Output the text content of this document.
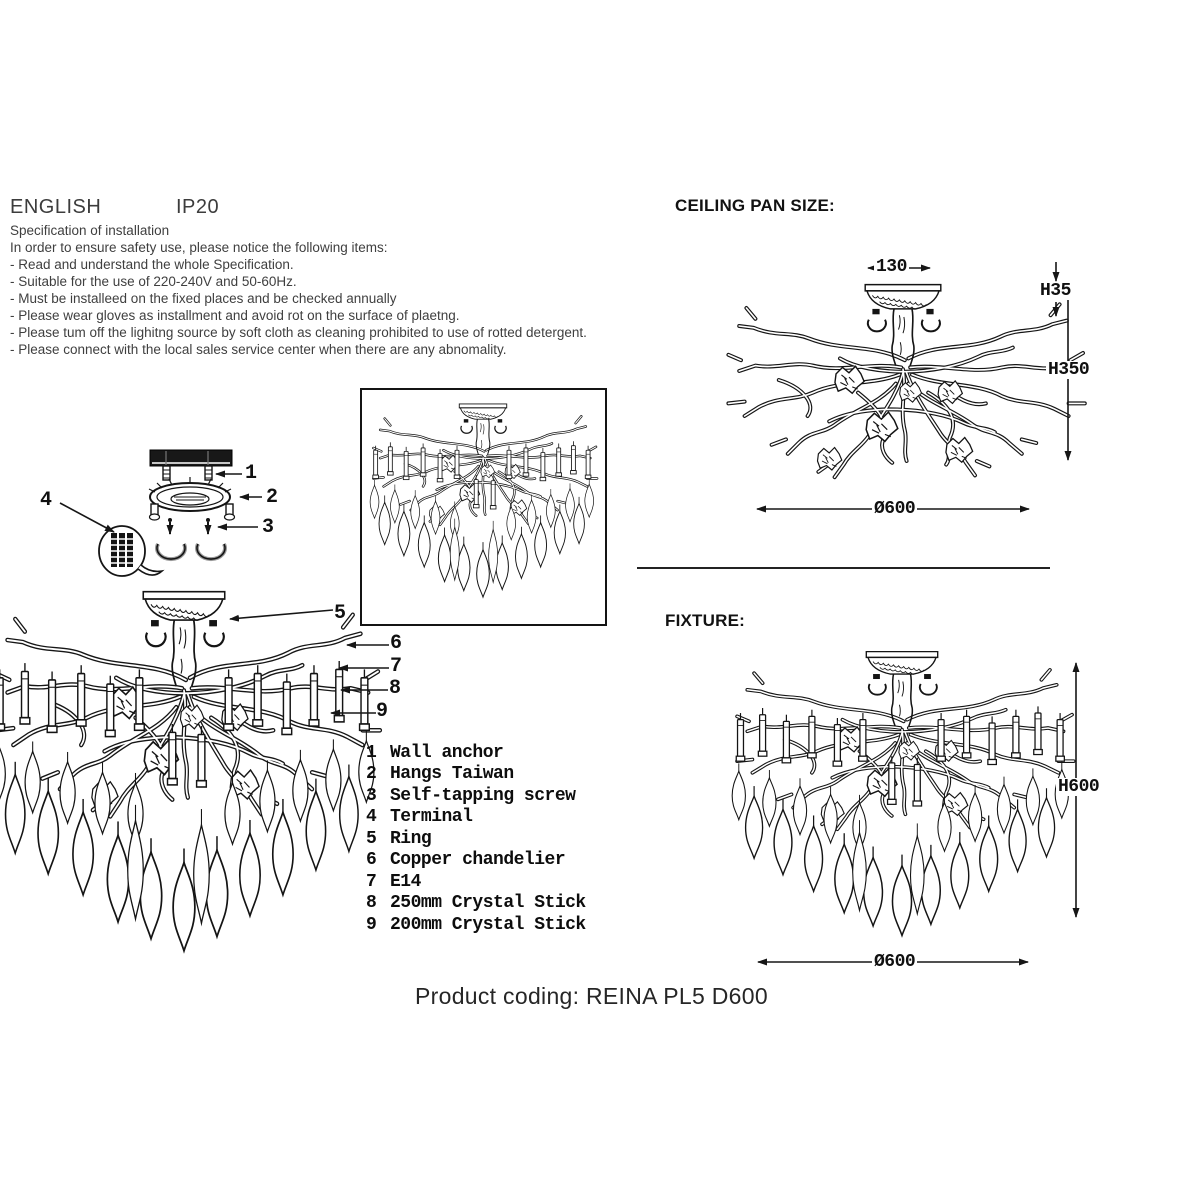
ENGLISH	IP20
Specification of installation
In order to ensure safety use, please notice the following items:
- Read and understand the whole Specification.
- Suitable for the use of 220-240V and 50-60Hz.
- Must be installeed on the fixed places and be checked annually
- Please wear gloves as installment and avoid rot on the surface of plaetng.
- Please tum off the lighitng source by soft cloth as cleaning prohibited to use of rotted detergent.
- Please connect with the local sales service center when there are any abnomality.
1
2
3
4
5
6
7
8
9
1 Wall anchor
2 Hangs Taiwan
3 Self-tapping screw
4 Terminal
5 Ring
6 Copper chandelier
7 E14
8 250mm Crystal Stick
9 200mm Crystal Stick
CEILING PAN SIZE:
130
H35
H350
Ø600
FIXTURE:
H600
Ø600
Product coding: REINA PL5 D600
